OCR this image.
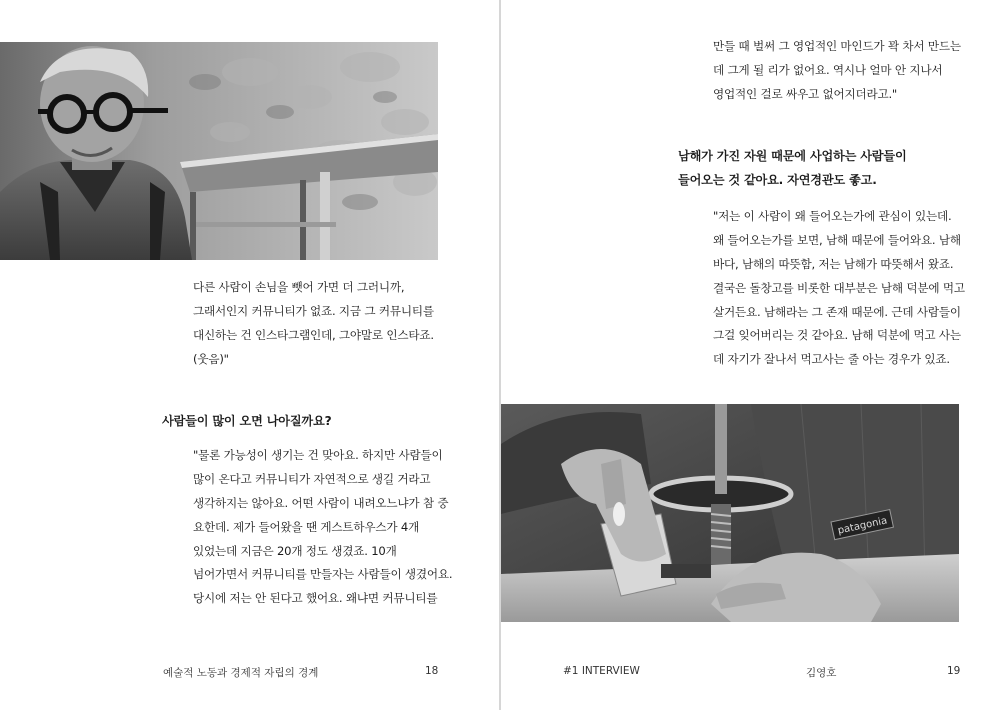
다른 사람이 손님을 뺏어 가면 더 그러니까,
그래서인지 커뮤니티가 없죠. 지금 그 커뮤니티를
대신하는 건 인스타그램인데, 그야말로 인스타죠.
(웃음)"
사람들이 많이 오면 나아질까요?
"물론 가능성이 생기는 건 맞아요. 하지만 사람들이
많이 온다고 커뮤니티가 자연적으로 생길 거라고
생각하지는 않아요. 어떤 사람이 내려오느냐가 참 중
요한데. 제가 들어왔을 땐 게스트하우스가 4개
있었는데 지금은 20개 정도 생겼죠. 10개
넘어가면서 커뮤니티를 만들자는 사람들이 생겼어요.
당시에 저는 안 된다고 했어요. 왜냐면 커뮤니티를
예술적 노동과 경제적 자립의 경계	18
만들 때 벌써 그 영업적인 마인드가 꽉 차서 만드는
데 그게 될 리가 없어요. 역시나 얼마 안 지나서
영업적인 걸로 싸우고 없어지더라고."
남해가 가진 자원 때문에 사업하는 사람들이
들어오는 것 같아요. 자연경관도 좋고.
"저는 이 사람이 왜 들어오는가에 관심이 있는데.
왜 들어오는가를 보면, 남해 때문에 들어와요. 남해
바다, 남해의 따뜻함, 저는 남해가 따뜻해서 왔죠.
결국은 돌창고를 비롯한 대부분은 남해 덕분에 먹고
살거든요. 남해라는 그 존재 때문에. 근데 사람들이
그걸 잊어버리는 것 같아요. 남해 덕분에 먹고 사는
데 자기가 잘나서 먹고사는 줄 아는 경우가 있죠.
patagonia
#1 INTERVIEW	김영호	19
